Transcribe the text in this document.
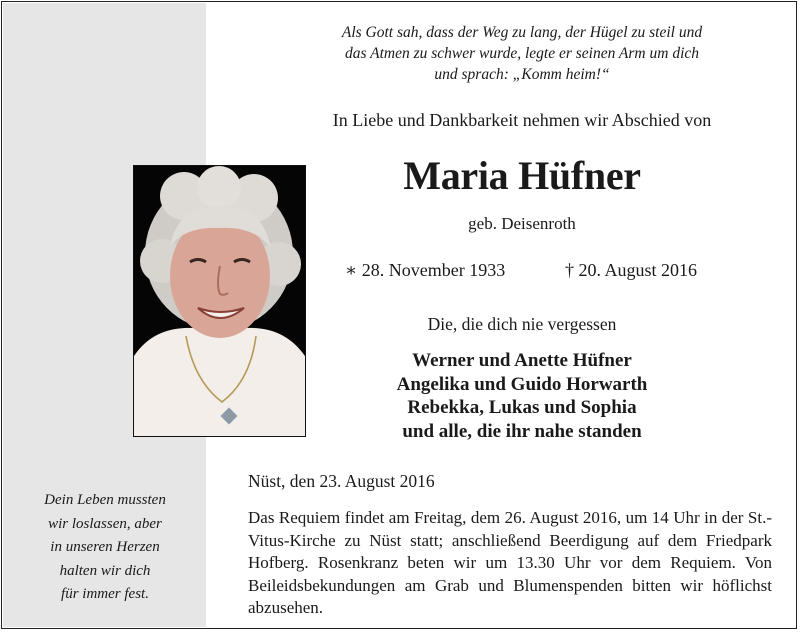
Als Gott sah, dass der Weg zu lang, der Hügel zu steil und
das Atmen zu schwer wurde, legte er seinen Arm um dich
und sprach: „Komm heim!“
In Liebe und Dankbarkeit nehmen wir Abschied von
Maria Hüfner
geb. Deisenroth
∗ 28. November 1933	† 20. August 2016
Die, die dich nie vergessen
Werner und Anette Hüfner
Angelika und Guido Horwarth
Rebekka, Lukas und Sophia
und alle, die ihr nahe standen
Dein Leben mussten
wir loslassen, aber
in unseren Herzen
halten wir dich
für immer fest.
Nüst, den 23. August 2016
Das Requiem findet am Freitag, dem 26. August 2016, um 14 Uhr in der St.-Vitus-Kirche zu Nüst statt; anschließend Beerdigung auf dem Friedpark Hofberg. Rosenkranz beten wir um 13.30 Uhr vor dem Requiem. Von Beileidsbekundungen am Grab und Blumenspenden bitten wir höflichst abzusehen.
